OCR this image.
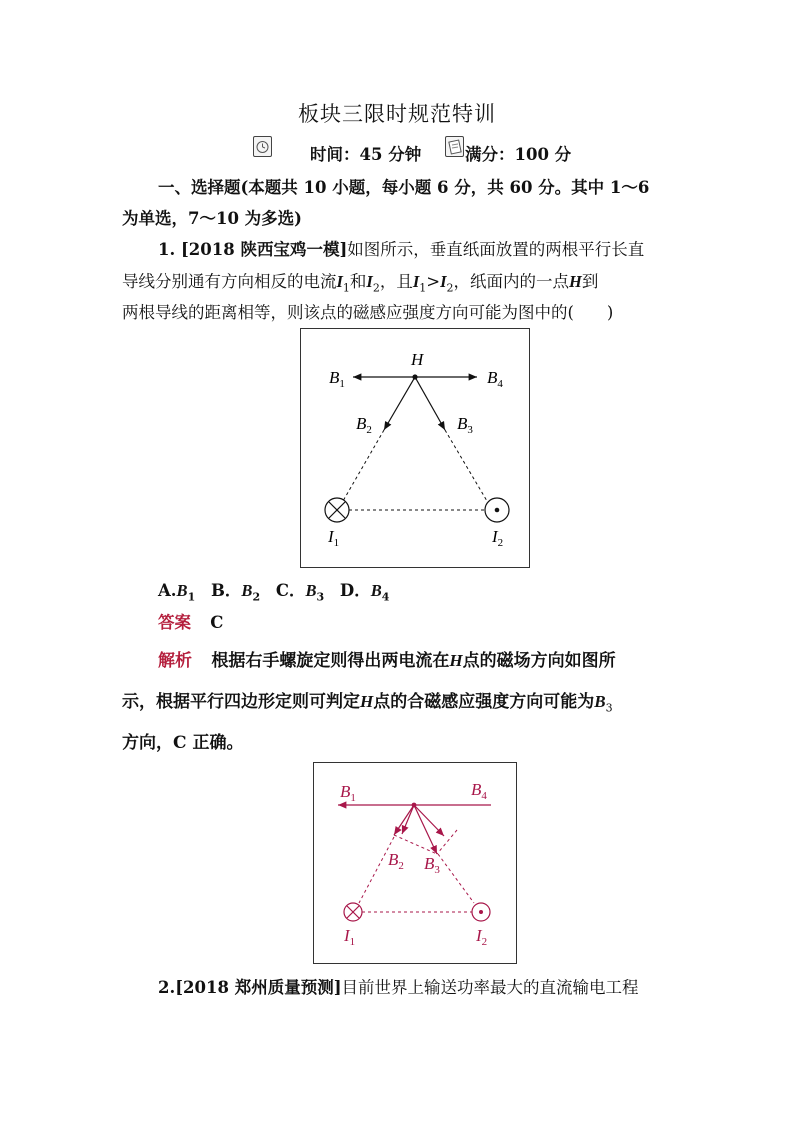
板块三限时规范特训
时间：45 分钟	满分：100 分
一、选择题(本题共 10 小题，每小题 6 分，共 60 分。其中 1～6
为单选，7～10 为多选)
1. [2018 陕西宝鸡一模]如图所示，垂直纸面放置的两根平行长直
导线分别通有方向相反的电流$I_1$和$I_2$，且$I_1>I_2$，纸面内的一点H到
两根导线的距离相等，则该点的磁感应强度方向可能为图中的(　　)
H
$B_1$	$B_4$
$B_2$	$B_3$
$I_1$	$I_2$
$A.B_1$ B．$B_2$ C．$B_3$ D．$B_4$
答案 C
解析 根据右手螺旋定则得出两电流在H点的磁场方向如图所
示，根据平行四边形定则可判定H点的合磁感应强度方向可能为$B_3$
方向，C 正确。
$B_1$	$B_4$
$B_2$ $B_3$
$I_1$	$I_2$
2.[2018 郑州质量预测]目前世界上输送功率最大的直流输电工程
